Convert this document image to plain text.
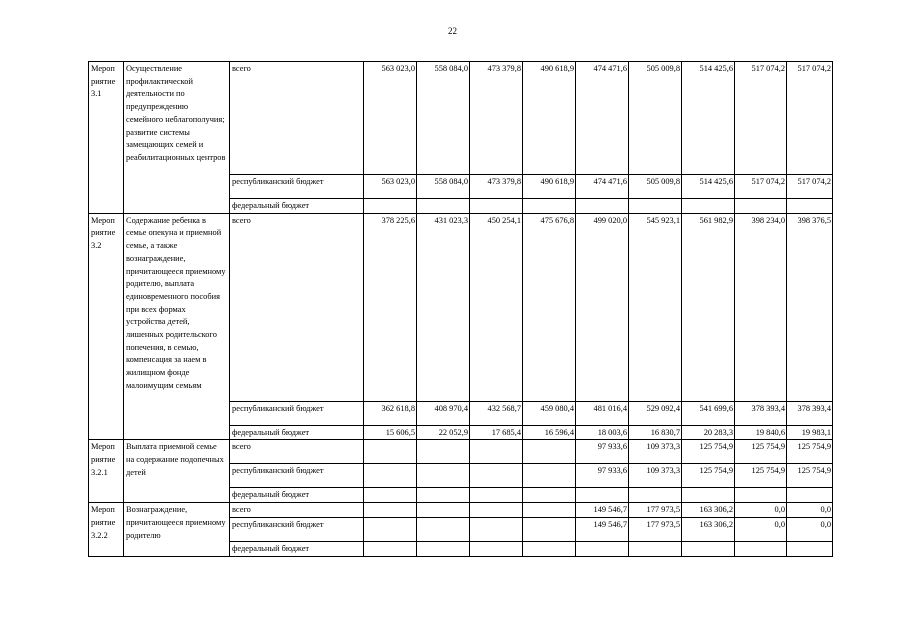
22
Мероп риятие 3.1	Осуществление профилактической деятельности по предупреждению семейного неблагополучия; развитие системы замещающих семей и реабилитационных центров	всего	563 023,0	558 084,0	473 379,8	490 618,9	474 471,6	505 009,8	514 425,6	517 074,2	517 074,2
		республиканский бюджет	563 023,0	558 084,0	473 379,8	490 618,9	474 471,6	505 009,8	514 425,6	517 074,2	517 074,2
		федеральный бюджет									
Мероп риятие 3.2	Содержание ребенка в семье опекуна и приемной семье, а также вознаграждение, причитающееся приемному родителю, выплата единовременного пособия при всех формах устройства детей, лишенных родительского попечения, в семью, компенсация за наем в жилищном фонде малоимущим семьям	всего	378 225,6	431 023,3	450 254,1	475 676,8	499 020,0	545 923,1	561 982,9	398 234,0	398 376,5
		республиканский бюджет	362 618,8	408 970,4	432 568,7	459 080,4	481 016,4	529 092,4	541 699,6	378 393,4	378 393,4
		федеральный бюджет	15 606,5	22 052,9	17 685,4	16 596,4	18 003,6	16 830,7	20 283,3	19 840,6	19 983,1
Мероп риятие 3.2.1	Выплата приемной семье на содержание подопечных детей	всего					97 933,6	109 373,3	125 754,9	125 754,9	125 754,9
		республиканский бюджет					97 933,6	109 373,3	125 754,9	125 754,9	125 754,9
		федеральный бюджет									
Мероп риятие 3.2.2	Вознаграждение, причитающееся приемному родителю	всего					149 546,7	177 973,5	163 306,2	0,0	0,0
		республиканский бюджет					149 546,7	177 973,5	163 306,2	0,0	0,0
		федеральный бюджет									
